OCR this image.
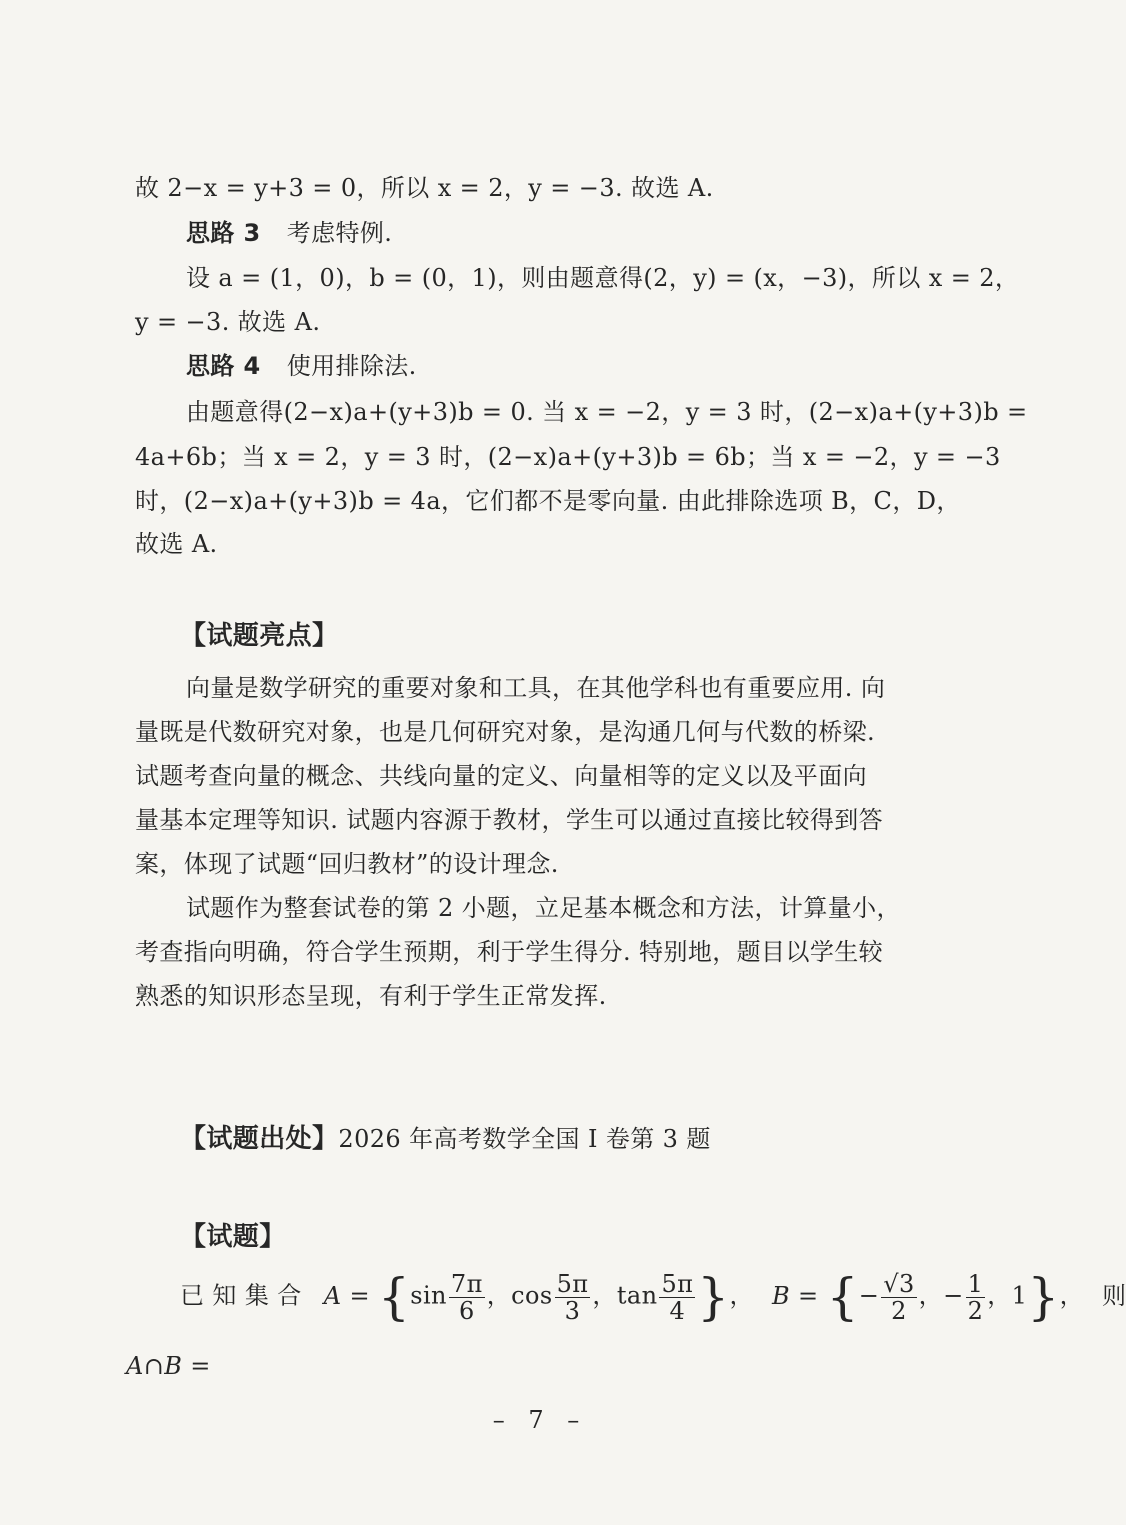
故 2−x = y+3 = 0，所以 x = 2，y = −3. 故选 A.
思路 3 考虑特例.
设 a = (1，0)，b = (0，1)，则由题意得(2，y) = (x，−3)，所以 x = 2，
y = −3. 故选 A.
思路 4 使用排除法.
由题意得(2−x)a+(y+3)b = 0. 当 x = −2，y = 3 时，(2−x)a+(y+3)b =
4a+6b；当 x = 2，y = 3 时，(2−x)a+(y+3)b = 6b；当 x = −2，y = −3
时，(2−x)a+(y+3)b = 4a，它们都不是零向量. 由此排除选项 B，C，D，
故选 A.
【试题亮点】
向量是数学研究的重要对象和工具，在其他学科也有重要应用. 向
量既是代数研究对象，也是几何研究对象，是沟通几何与代数的桥梁.
试题考查向量的概念、共线向量的定义、向量相等的定义以及平面向
量基本定理等知识. 试题内容源于教材，学生可以通过直接比较得到答
案，体现了试题“回归教材”的设计理念.
试题作为整套试卷的第 2 小题，立足基本概念和方法，计算量小，
考查指向明确，符合学生预期，利于学生得分. 特别地，题目以学生较
熟悉的知识形态呈现，有利于学生正常发挥.
【试题出处】2026 年高考数学全国 Ⅰ 卷第 3 题
【试题】
已 知 集 合 $A = \{\sin \frac{7\pi}{6}$ ，$\cos \frac{5\pi}{3}$ ，$\tan \frac{5\pi}{4}$ }， B = {− $\frac{√3}{2}$ ，− $\frac{1}{2}$ ，1}， 则
A∩B =
– 7 –
